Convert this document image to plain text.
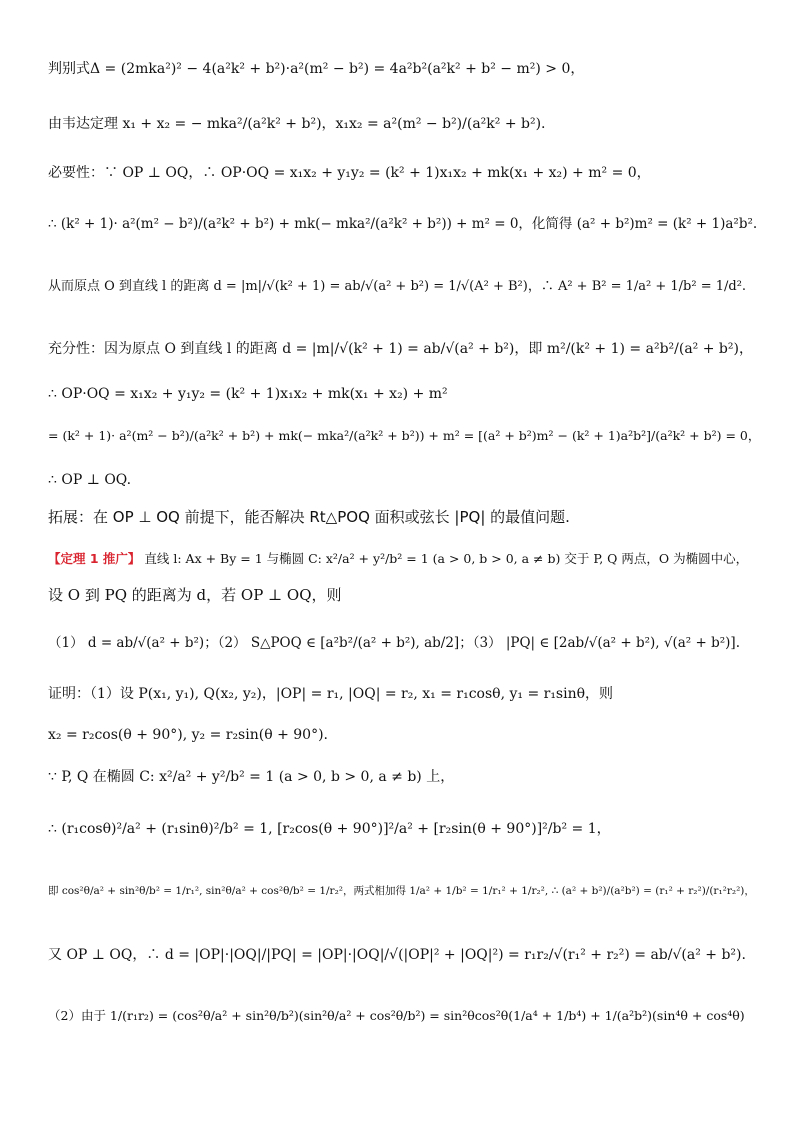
判别式Δ = (2mka²)² − 4(a²k² + b²)·a²(m² − b²) = 4a²b²(a²k² + b² − m²) > 0，
由韦达定理 x₁ + x₂ = − mka²/(a²k² + b²)，x₁x₂ = a²(m² − b²)/(a²k² + b²).
必要性：∵ OP ⊥ OQ，∴ OP·OQ = x₁x₂ + y₁y₂ = (k² + 1)x₁x₂ + mk(x₁ + x₂) + m² = 0，
∴ (k² + 1)· a²(m² − b²)/(a²k² + b²) + mk(− mka²/(a²k² + b²)) + m² = 0，化简得 (a² + b²)m² = (k² + 1)a²b².
从而原点 O 到直线 l 的距离 d = |m|/√(k² + 1) = ab/√(a² + b²) = 1/√(A² + B²)，∴ A² + B² = 1/a² + 1/b² = 1/d².
充分性：因为原点 O 到直线 l 的距离 d = |m|/√(k² + 1) = ab/√(a² + b²)，即 m²/(k² + 1) = a²b²/(a² + b²)，
∴ OP·OQ = x₁x₂ + y₁y₂ = (k² + 1)x₁x₂ + mk(x₁ + x₂) + m²
= (k² + 1)· a²(m² − b²)/(a²k² + b²) + mk(− mka²/(a²k² + b²)) + m² = [(a² + b²)m² − (k² + 1)a²b²]/(a²k² + b²) = 0，
∴ OP ⊥ OQ.
拓展：在 OP ⊥ OQ 前提下，能否解决 Rt△POQ 面积或弦长 |PQ| 的最值问题.
【定理 1 推广】 直线 l: Ax + By = 1 与椭圆 C: x²/a² + y²/b² = 1 (a > 0, b > 0, a ≠ b) 交于 P, Q 两点，O 为椭圆中心，
设 O 到 PQ 的距离为 d，若 OP ⊥ OQ，则
（1） d = ab/√(a² + b²)；（2） S△POQ ∈ [a²b²/(a² + b²), ab/2]；（3） |PQ| ∈ [2ab/√(a² + b²), √(a² + b²)].
证明：（1）设 P(x₁, y₁), Q(x₂, y₂)，|OP| = r₁, |OQ| = r₂, x₁ = r₁cosθ, y₁ = r₁sinθ，则
x₂ = r₂cos(θ + 90°), y₂ = r₂sin(θ + 90°).
∵ P, Q 在椭圆 C: x²/a² + y²/b² = 1 (a > 0, b > 0, a ≠ b) 上，
∴ (r₁cosθ)²/a² + (r₁sinθ)²/b² = 1, [r₂cos(θ + 90°)]²/a² + [r₂sin(θ + 90°)]²/b² = 1，
即 cos²θ/a² + sin²θ/b² = 1/r₁², sin²θ/a² + cos²θ/b² = 1/r₂²，两式相加得 1/a² + 1/b² = 1/r₁² + 1/r₂², ∴ (a² + b²)/(a²b²) = (r₁² + r₂²)/(r₁²r₂²)，
又 OP ⊥ OQ，∴ d = |OP|·|OQ|/|PQ| = |OP|·|OQ|/√(|OP|² + |OQ|²) = r₁r₂/√(r₁² + r₂²) = ab/√(a² + b²).
（2）由于 1/(r₁r₂) = (cos²θ/a² + sin²θ/b²)(sin²θ/a² + cos²θ/b²) = sin²θcos²θ(1/a⁴ + 1/b⁴) + 1/(a²b²)(sin⁴θ + cos⁴θ)
